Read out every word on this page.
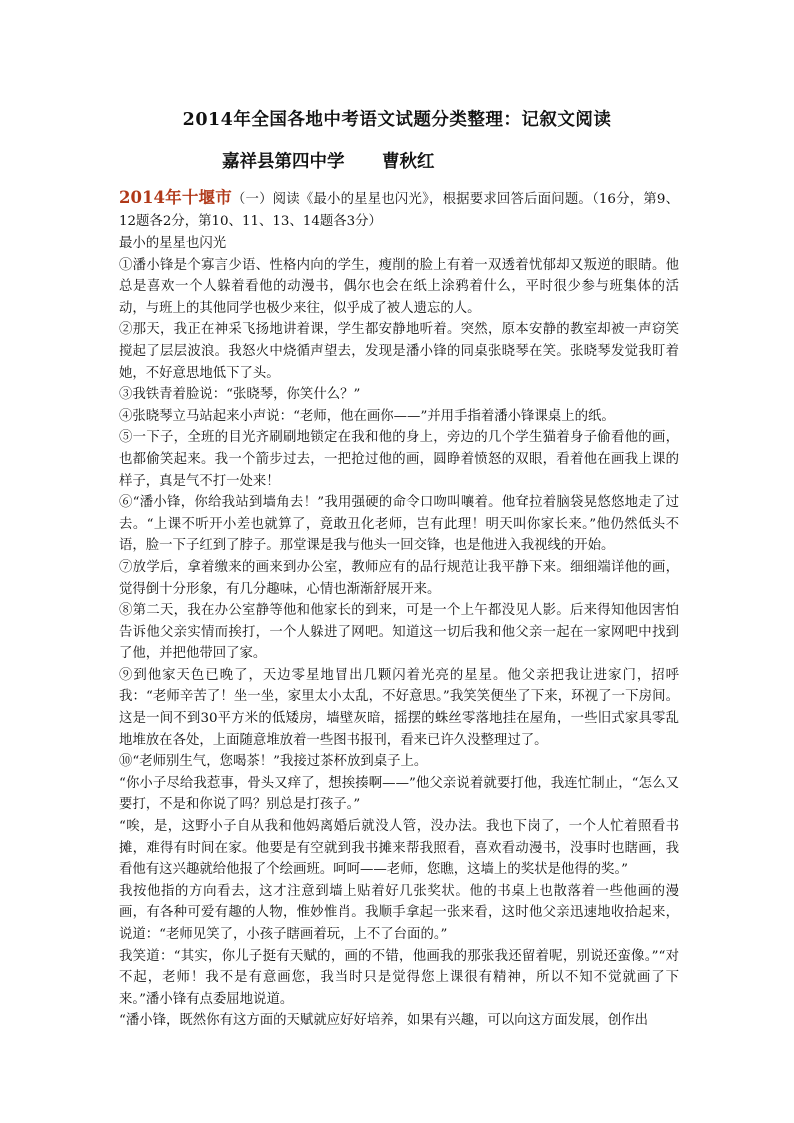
2014年全国各地中考语文试题分类整理：记叙文阅读
嘉祥县第四中学 曹秋红

2014年十堰市（一）阅读《最小的星星也闪光》，根据要求回答后面问题。（16分，第9、12题各2分，第10、11、13、14题各3分）

最小的星星也闪光

①潘小锋是个寡言少语、性格内向的学生，瘦削的脸上有着一双透着忧郁却又叛逆的眼睛。他总是喜欢一个人躲着看他的动漫书，偶尔也会在纸上涂鸦着什么，平时很少参与班集体的活动，与班上的其他同学也极少来往，似乎成了被人遗忘的人。

②那天，我正在神采飞扬地讲着课，学生都安静地听着。突然，原本安静的教室却被一声窃笑搅起了层层波浪。我怒火中烧循声望去，发现是潘小锋的同桌张晓琴在笑。张晓琴发觉我盯着她，不好意思地低下了头。

③我铁青着脸说：“张晓琴，你笑什么？”

④张晓琴立马站起来小声说：“老师，他在画你——”并用手指着潘小锋课桌上的纸。

⑤一下子，全班的目光齐刷刷地锁定在我和他的身上，旁边的几个学生猫着身子偷看他的画，也都偷笑起来。我一个箭步过去，一把抢过他的画，圆睁着愤怒的双眼，看着他在画我上课的样子，真是气不打一处来！

⑥“潘小锋，你给我站到墙角去！”我用强硬的命令口吻叫嚷着。他耷拉着脑袋晃悠悠地走了过去。“上课不听开小差也就算了，竟敢丑化老师，岂有此理！明天叫你家长来。”他仍然低头不语，脸一下子红到了脖子。那堂课是我与他头一回交锋，也是他进入我视线的开始。

⑦放学后，拿着缴来的画来到办公室，教师应有的品行规范让我平静下来。细细端详他的画，觉得倒十分形象，有几分趣味，心情也渐渐舒展开来。

⑧第二天，我在办公室静等他和他家长的到来，可是一个上午都没见人影。后来得知他因害怕告诉他父亲实情而挨打，一个人躲进了网吧。知道这一切后我和他父亲一起在一家网吧中找到了他，并把他带回了家。

⑨到他家天色已晚了，天边零星地冒出几颗闪着光亮的星星。他父亲把我让进家门，招呼我：“老师辛苦了！坐一坐，家里太小太乱，不好意思。”我笑笑便坐了下来，环视了一下房间。这是一间不到30平方米的低矮房，墙壁灰暗，摇摆的蛛丝零落地挂在屋角，一些旧式家具零乱地堆放在各处，上面随意堆放着一些图书报刊，看来已许久没整理过了。

⑩“老师别生气，您喝茶！”我接过茶杯放到桌子上。

“你小子尽给我惹事，骨头又痒了，想挨揍啊——”他父亲说着就要打他，我连忙制止，“怎么又要打，不是和你说了吗？别总是打孩子。”

“唉，是，这野小子自从我和他妈离婚后就没人管，没办法。我也下岗了，一个人忙着照看书摊，难得有时间在家。他要是有空就到我书摊来帮我照看，喜欢看动漫书，没事时也瞎画，我看他有这兴趣就给他报了个绘画班。呵呵——老师，您瞧，这墙上的奖状是他得的奖。”

我按他指的方向看去，这才注意到墙上贴着好几张奖状。他的书桌上也散落着一些他画的漫画，有各种可爱有趣的人物，惟妙惟肖。我顺手拿起一张来看，这时他父亲迅速地收拾起来，说道：“老师见笑了，小孩子瞎画着玩，上不了台面的。”

我笑道：“其实，你儿子挺有天赋的，画的不错，他画我的那张我还留着呢，别说还蛮像。”“对不起，老师！我不是有意画您，我当时只是觉得您上课很有精神，所以不知不觉就画了下来。”潘小锋有点委屈地说道。

“潘小锋，既然你有这方面的天赋就应好好培养，如果有兴趣，可以向这方面发展，创作出
